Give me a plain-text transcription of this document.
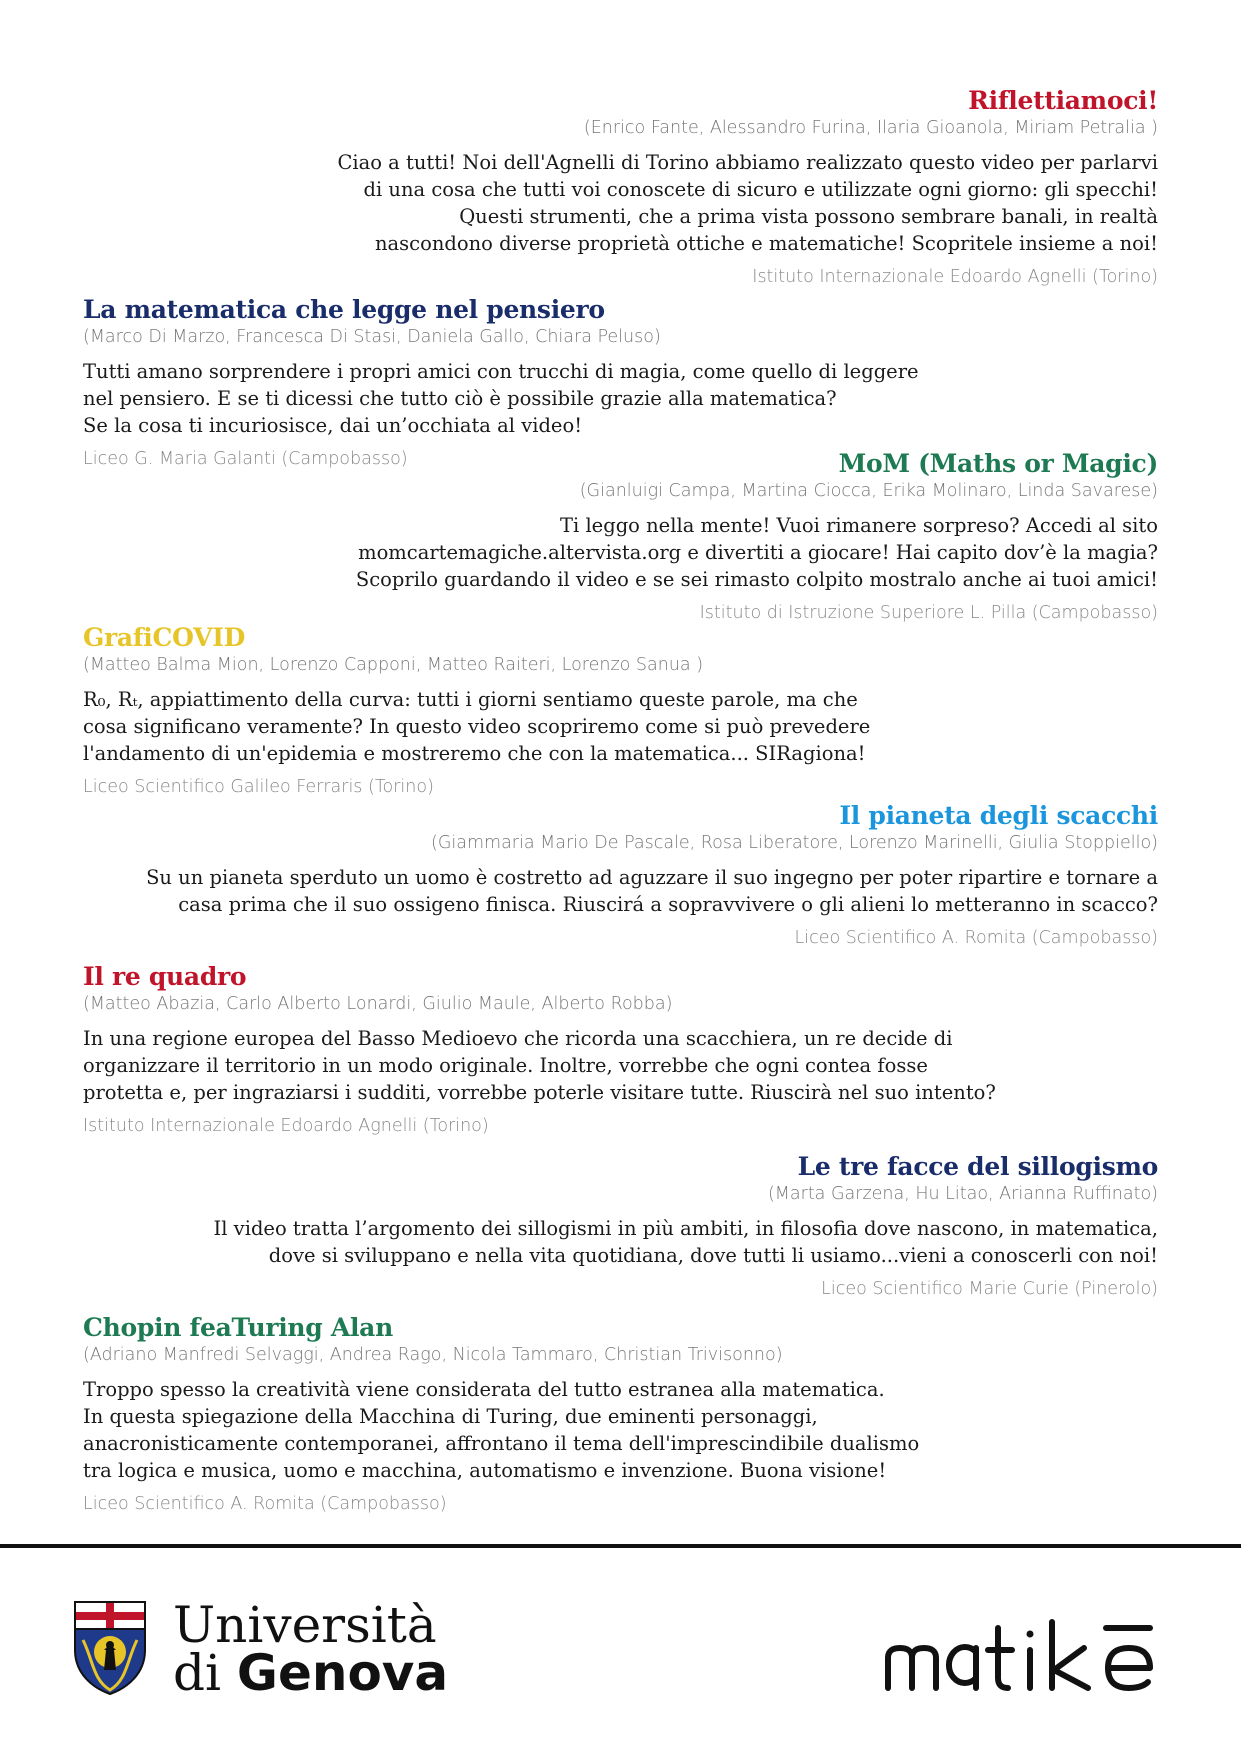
Riflettiamoci!

(Enrico Fante, Alessandro Furina, Ilaria Gioanola, Miriam Petralia )

Ciao a tutti! Noi dell'Agnelli di Torino abbiamo realizzato questo video per parlarvi

di una cosa che tutti voi conoscete di sicuro e utilizzate ogni giorno: gli specchi!

Questi strumenti, che a prima vista possono sembrare banali, in realtà

nascondono diverse proprietà ottiche e matematiche! Scopritele insieme a noi!

Istituto Internazionale Edoardo Agnelli (Torino)

La matematica che legge nel pensiero

(Marco Di Marzo, Francesca Di Stasi, Daniela Gallo, Chiara Peluso)

Tutti amano sorprendere i propri amici con trucchi di magia, come quello di leggere

nel pensiero. E se ti dicessi che tutto ciò è possibile grazie alla matematica?

Se la cosa ti incuriosisce, dai un’occhiata al video!

Liceo G. Maria Galanti (Campobasso)	MoM (Maths or Magic)

(Gianluigi Campa, Martina Ciocca, Erika Molinaro, Linda Savarese)

Ti leggo nella mente! Vuoi rimanere sorpreso? Accedi al sito

momcartemagiche.altervista.org e divertiti a giocare! Hai capito dov’è la magia?

Scoprilo guardando il video e se sei rimasto colpito mostralo anche ai tuoi amici!

Istituto di Istruzione Superiore L. Pilla (Campobasso)

GrafiCOVID

(Matteo Balma Mion, Lorenzo Capponi, Matteo Raiteri, Lorenzo Sanua )

R₀, Rₜ, appiattimento della curva: tutti i giorni sentiamo queste parole, ma che

cosa significano veramente? In questo video scopriremo come si può prevedere

l'andamento di un'epidemia e mostreremo che con la matematica... SIRagiona!

Liceo Scientifico Galileo Ferraris (Torino)

Il pianeta degli scacchi

(Giammaria Mario De Pascale, Rosa Liberatore, Lorenzo Marinelli, Giulia Stoppiello)

Su un pianeta sperduto un uomo è costretto ad aguzzare il suo ingegno per poter ripartire e tornare a

casa prima che il suo ossigeno finisca. Riuscirá a sopravvivere o gli alieni lo metteranno in scacco?

Liceo Scientifico A. Romita (Campobasso)

Il re quadro

(Matteo Abazia, Carlo Alberto Lonardi, Giulio Maule, Alberto Robba)

In una regione europea del Basso Medioevo che ricorda una scacchiera, un re decide di

organizzare il territorio in un modo originale. Inoltre, vorrebbe che ogni contea fosse

protetta e, per ingraziarsi i sudditi, vorrebbe poterle visitare tutte. Riuscirà nel suo intento?

Istituto Internazionale Edoardo Agnelli (Torino)

Le tre facce del sillogismo

(Marta Garzena, Hu Litao, Arianna Ruffinato)

Il video tratta l’argomento dei sillogismi in più ambiti, in filosofia dove nascono, in matematica,

dove si sviluppano e nella vita quotidiana, dove tutti li usiamo...vieni a conoscerli con noi!

Liceo Scientifico Marie Curie (Pinerolo)

Chopin feaTuring Alan

(Adriano Manfredi Selvaggi, Andrea Rago, Nicola Tammaro, Christian Trivisonno)

Troppo spesso la creatività viene considerata del tutto estranea alla matematica.

In questa spiegazione della Macchina di Turing, due eminenti personaggi,

anacronisticamente contemporanei, affrontano il tema dell'imprescindibile dualismo

tra logica e musica, uomo e macchina, automatismo e invenzione. Buona visione!

Liceo Scientifico A. Romita (Campobasso)

Università
di Genova
